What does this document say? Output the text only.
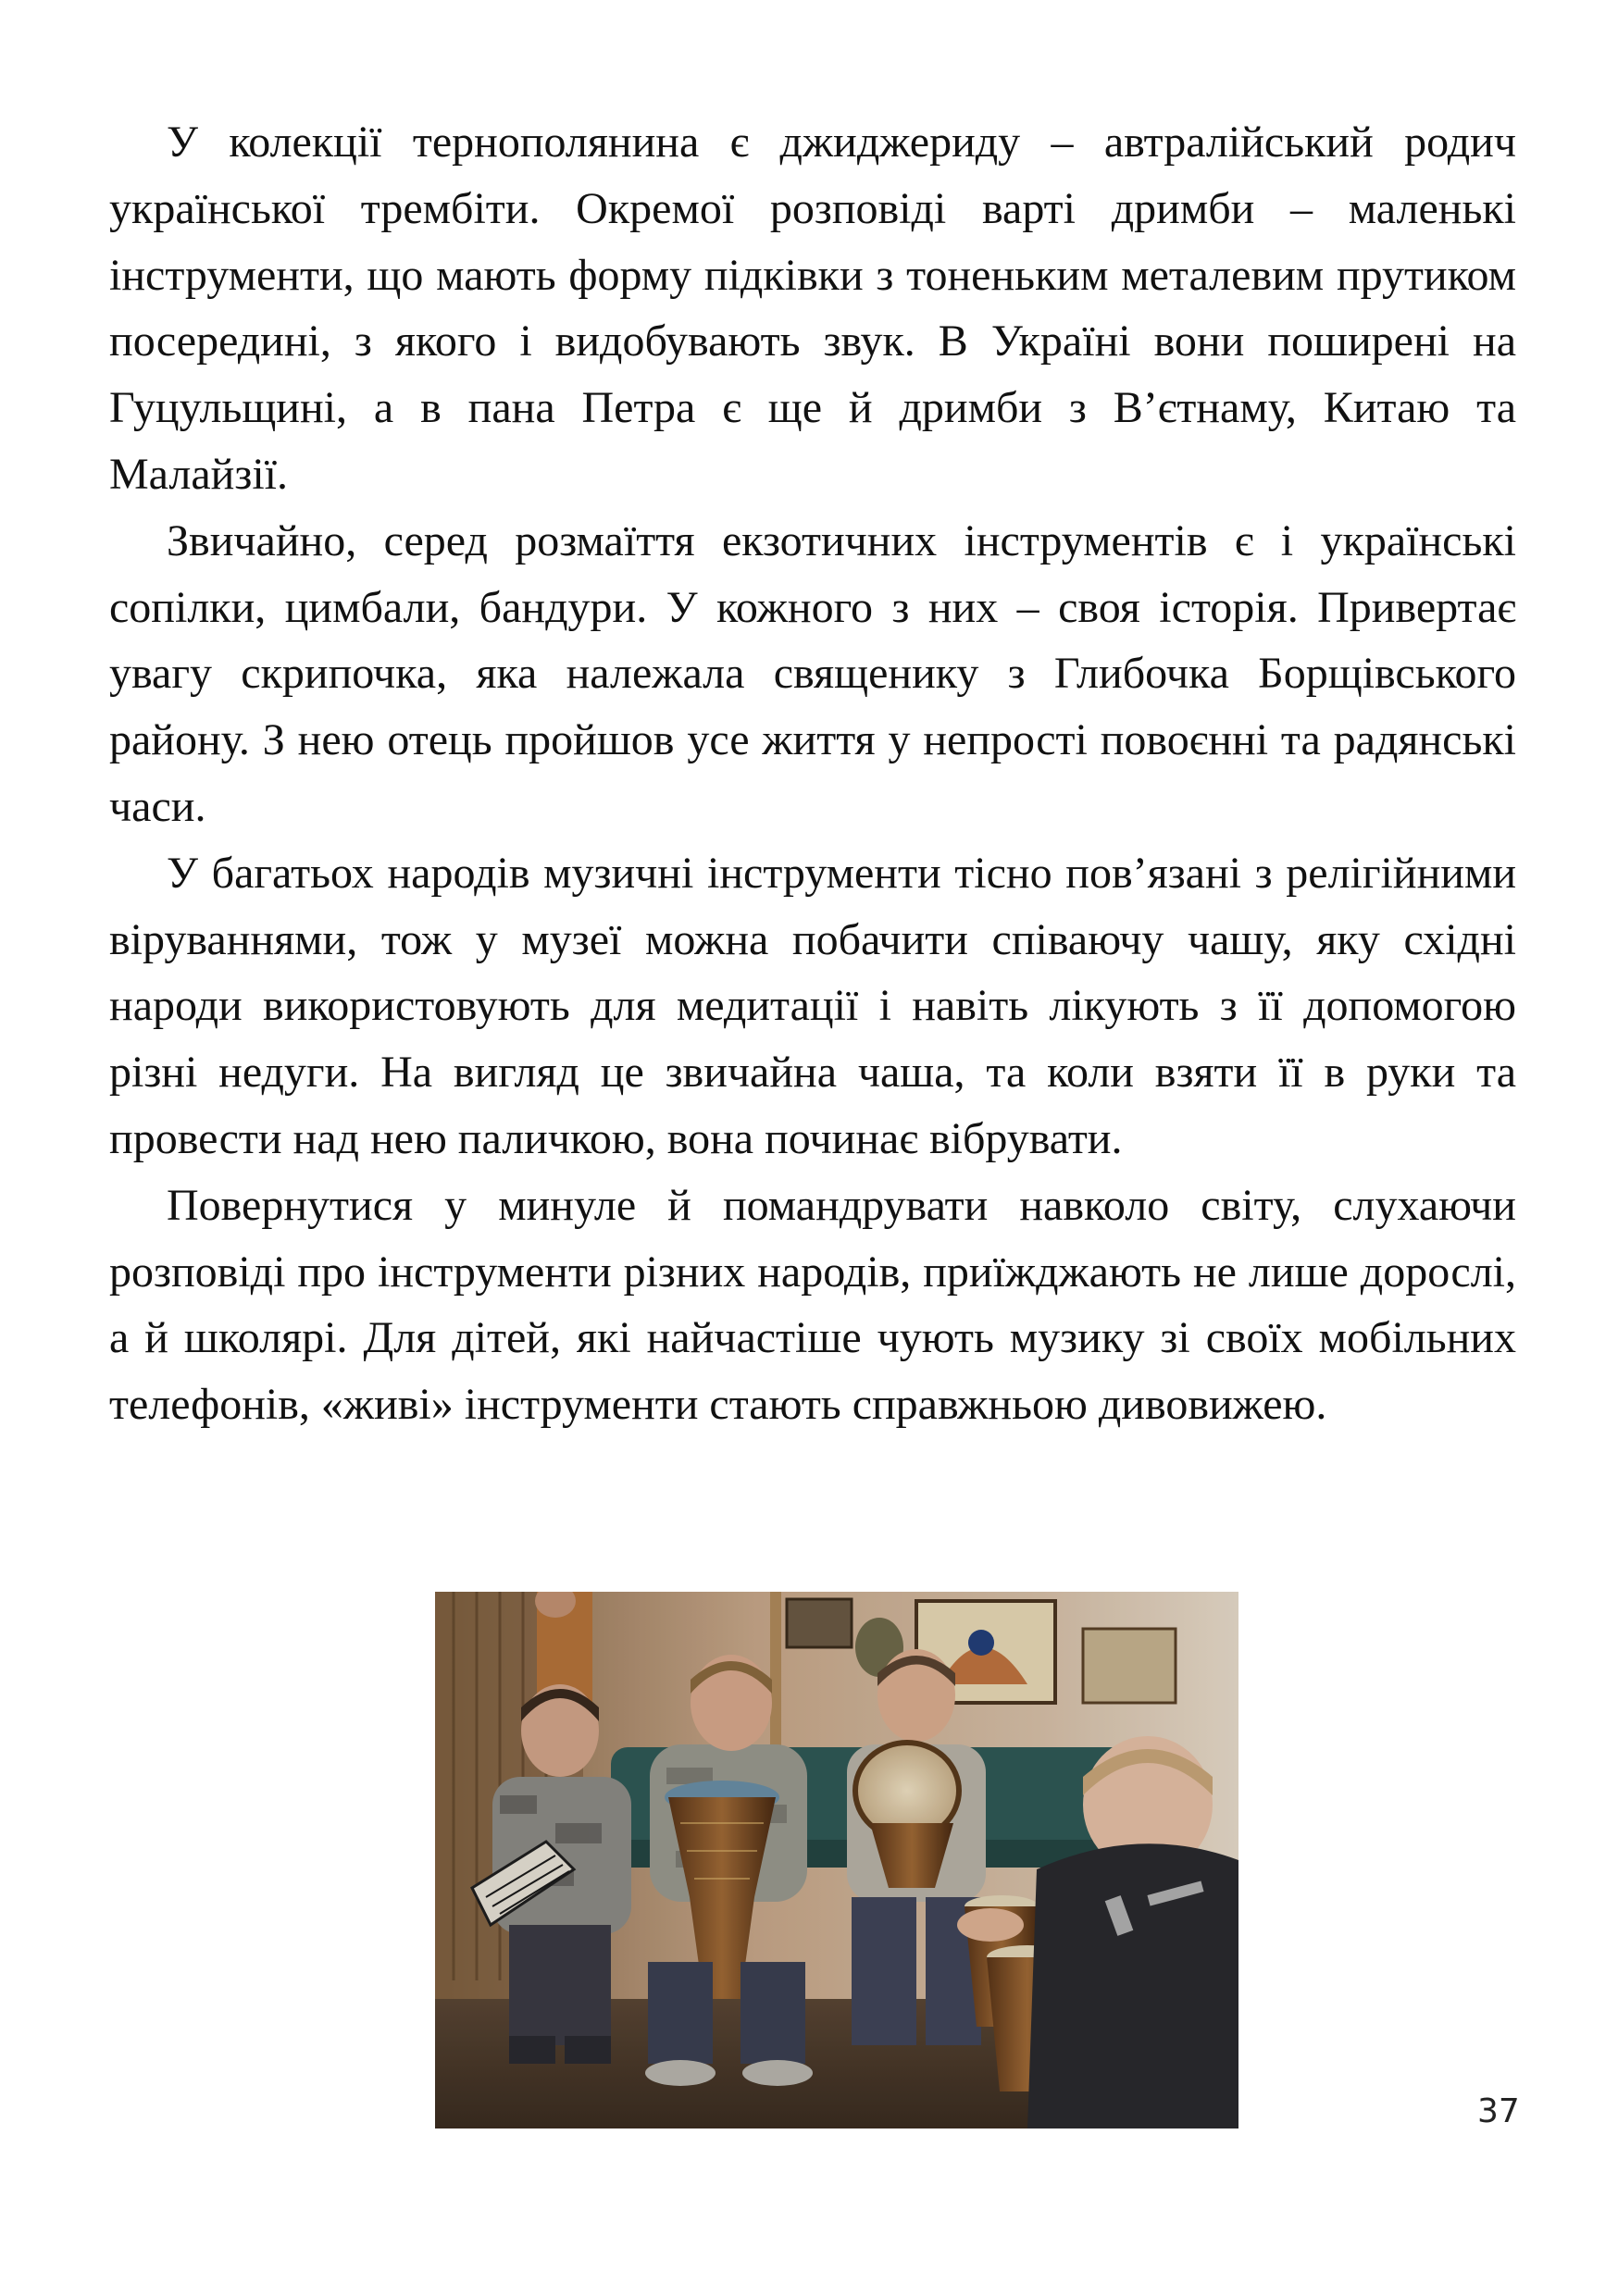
У колекції тернополянина є джиджериду – автралійський родич української трембіти. Окремої розповіді варті дримби – маленькі інструменти, що мають форму підківки з тоненьким металевим прутиком посередині, з якого і видобувають звук. В Україні вони поширені на Гуцульщині, а в пана Петра є ще й дримби з В’єтнаму, Китаю та Малайзії.

Звичайно, серед розмаїття екзотичних інструментів є і українські сопілки, цимбали, бандури. У кожного з них – своя історія. Привертає увагу скрипочка, яка належала священику з Глибочка Борщівського району. З нею отець пройшов усе життя у непрості повоєнні та радянські часи.

У багатьох народів музичні інструменти тісно пов’язані з релігійними віруваннями, тож у музеї можна побачити співаючу чашу, яку східні народи використовують для медитації і навіть лікують з її допомогою різні недуги. На вигляд це звичайна чаша, та коли взяти її в руки та провести над нею паличкою, вона починає вібрувати.

Повернутися у минуле й помандрувати навколо світу, слухаючи розповіді про інструменти різних народів, приїжджають не лише дорослі, а й школярі. Для дітей, які найчастіше чують музику зі своїх мобільних телефонів, «живі» інструменти стають справжньою дивовижею.

37
